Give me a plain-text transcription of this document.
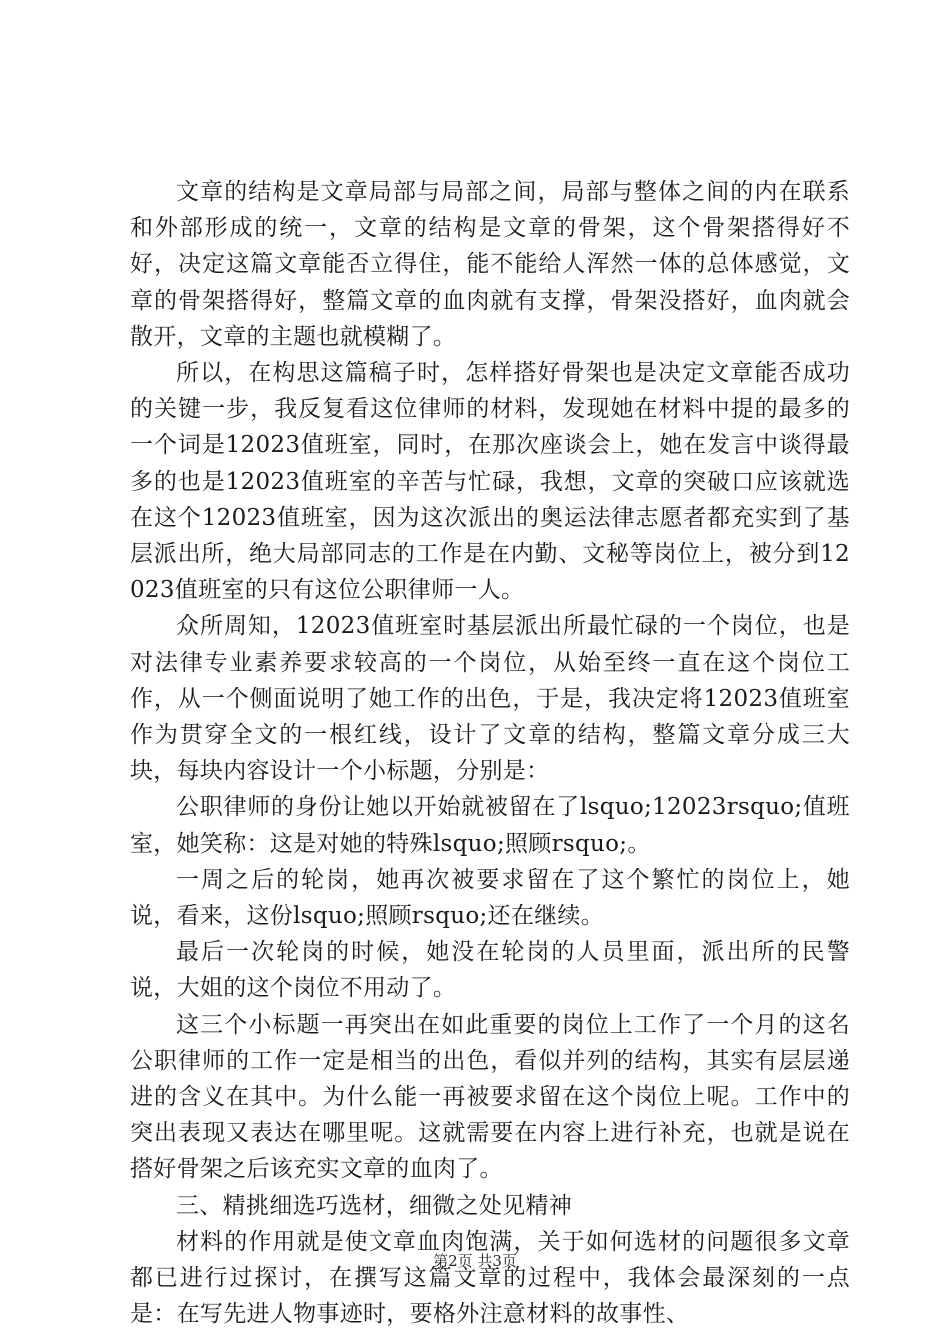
文章的结构是文章局部与局部之间，局部与整体之间的内在联系和外部形成的统一，文章的结构是文章的骨架，这个骨架搭得好不好，决定这篇文章能否立得住，能不能给人浑然一体的总体感觉，文章的骨架搭得好，整篇文章的血肉就有支撑，骨架没搭好，血肉就会散开，文章的主题也就模糊了。

所以，在构思这篇稿子时，怎样搭好骨架也是决定文章能否成功的关键一步，我反复看这位律师的材料，发现她在材料中提的最多的一个词是12023值班室，同时，在那次座谈会上，她在发言中谈得最多的也是12023值班室的辛苦与忙碌，我想，文章的突破口应该就选在这个12023值班室，因为这次派出的奥运法律志愿者都充实到了基层派出所，绝大局部同志的工作是在内勤、文秘等岗位上，被分到12023值班室的只有这位公职律师一人。

众所周知，12023值班室时基层派出所最忙碌的一个岗位，也是对法律专业素养要求较高的一个岗位，从始至终一直在这个岗位工作，从一个侧面说明了她工作的出色，于是，我决定将12023值班室作为贯穿全文的一根红线，设计了文章的结构，整篇文章分成三大块，每块内容设计一个小标题，分别是：

公职律师的身份让她以开始就被留在了lsquo;12023rsquo;值班室，她笑称：这是对她的特殊lsquo;照顾rsquo;。

一周之后的轮岗，她再次被要求留在了这个繁忙的岗位上，她说，看来，这份lsquo;照顾rsquo;还在继续。

最后一次轮岗的时候，她没在轮岗的人员里面，派出所的民警说，大姐的这个岗位不用动了。

这三个小标题一再突出在如此重要的岗位上工作了一个月的这名公职律师的工作一定是相当的出色，看似并列的结构，其实有层层递进的含义在其中。为什么能一再被要求留在这个岗位上呢。工作中的突出表现又表达在哪里呢。这就需要在内容上进行补充，也就是说在搭好骨架之后该充实文章的血肉了。

三、精挑细选巧选材，细微之处见精神

材料的作用就是使文章血肉饱满，关于如何选材的问题很多文章都已进行过探讨，在撰写这篇文章的过程中，我体会最深刻的一点是：在写先进人物事迹时，要格外注意材料的故事性、

第2页 共3页
